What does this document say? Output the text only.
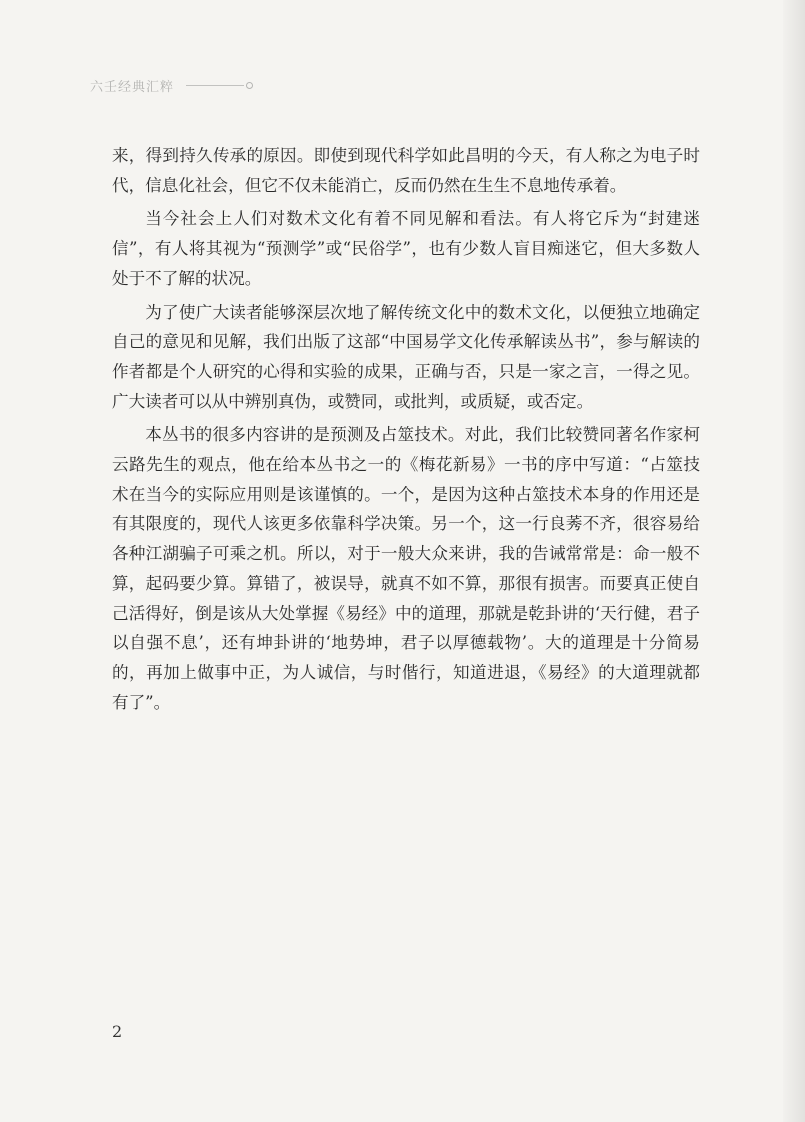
六壬经典汇粹

来，得到持久传承的原因。即使到现代科学如此昌明的今天，有人称之为电子时代，信息化社会，但它不仅未能消亡，反而仍然在生生不息地传承着。

当今社会上人们对数术文化有着不同见解和看法。有人将它斥为“封建迷信”，有人将其视为“预测学”或“民俗学”，也有少数人盲目痴迷它，但大多数人处于不了解的状况。

为了使广大读者能够深层次地了解传统文化中的数术文化，以便独立地确定自己的意见和见解，我们出版了这部“中国易学文化传承解读丛书”，参与解读的作者都是个人研究的心得和实验的成果，正确与否，只是一家之言，一得之见。广大读者可以从中辨别真伪，或赞同，或批判，或质疑，或否定。

本丛书的很多内容讲的是预测及占筮技术。对此，我们比较赞同著名作家柯云路先生的观点，他在给本丛书之一的《梅花新易》一书的序中写道：“占筮技术在当今的实际应用则是该谨慎的。一个，是因为这种占筮技术本身的作用还是有其限度的，现代人该更多依靠科学决策。另一个，这一行良莠不齐，很容易给各种江湖骗子可乘之机。所以，对于一般大众来讲，我的告诫常常是：命一般不算，起码要少算。算错了，被误导，就真不如不算，那很有损害。而要真正使自己活得好，倒是该从大处掌握《易经》中的道理，那就是乾卦讲的‘天行健，君子以自强不息’，还有坤卦讲的‘地势坤，君子以厚德载物’。大的道理是十分简易的，再加上做事中正，为人诚信，与时偕行，知道进退，《易经》的大道理就都有了”。

2
